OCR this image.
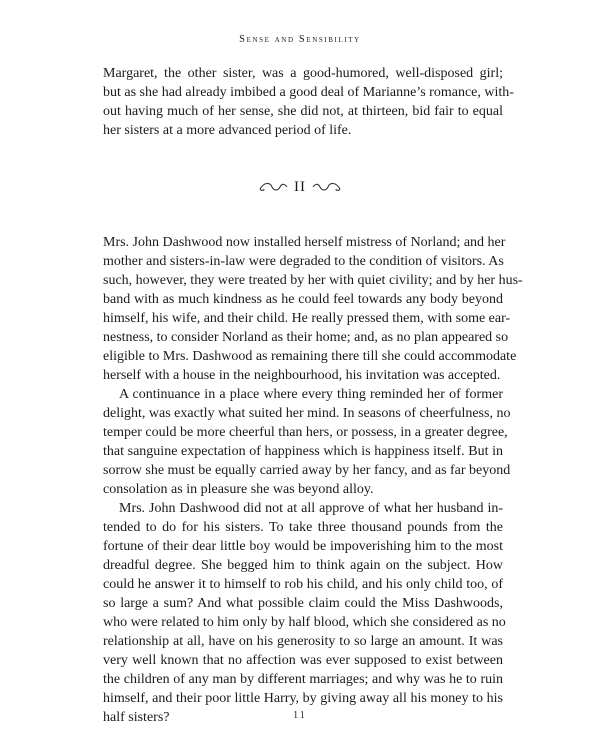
Sense and Sensibility
Margaret, the other sister, was a good-humored, well-disposed girl;
but as she had already imbibed a good deal of Marianne’s romance, with-
out having much of her sense, she did not, at thirteen, bid fair to equal
her sisters at a more advanced period of life.
II
Mrs. John Dashwood now installed herself mistress of Norland; and her
mother and sisters-in-law were degraded to the condition of visitors. As
such, however, they were treated by her with quiet civility; and by her hus-
band with as much kindness as he could feel towards any body beyond
himself, his wife, and their child. He really pressed them, with some ear-
nestness, to consider Norland as their home; and, as no plan appeared so
eligible to Mrs. Dashwood as remaining there till she could accommodate
herself with a house in the neighbourhood, his invitation was accepted.
A continuance in a place where every thing reminded her of former
delight, was exactly what suited her mind. In seasons of cheerfulness, no
temper could be more cheerful than hers, or possess, in a greater degree,
that sanguine expectation of happiness which is happiness itself. But in
sorrow she must be equally carried away by her fancy, and as far beyond
consolation as in pleasure she was beyond alloy.
Mrs. John Dashwood did not at all approve of what her husband in-
tended to do for his sisters. To take three thousand pounds from the
fortune of their dear little boy would be impoverishing him to the most
dreadful degree. She begged him to think again on the subject. How
could he answer it to himself to rob his child, and his only child too, of
so large a sum? And what possible claim could the Miss Dashwoods,
who were related to him only by half blood, which she considered as no
relationship at all, have on his generosity to so large an amount. It was
very well known that no affection was ever supposed to exist between
the children of any man by different marriages; and why was he to ruin
himself, and their poor little Harry, by giving away all his money to his
half sisters?	11
